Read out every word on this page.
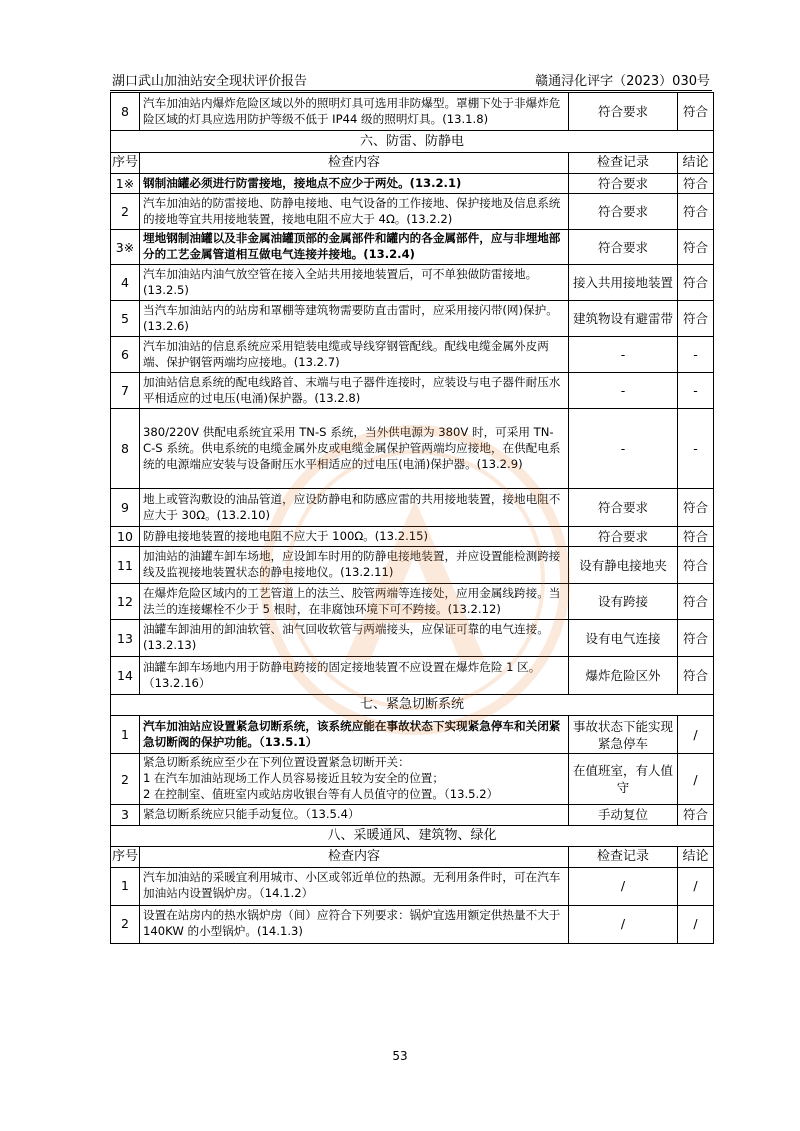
湖口武山加油站安全现状评价报告	赣通浔化评字（2023）030号
8	汽车加油站内爆炸危险区域以外的照明灯具可选用非防爆型。罩棚下处于非爆炸危险区域的灯具应选用防护等级不低于 IP44 级的照明灯具。(13.1.8)	符合要求	符合
六、防雷、防静电			
序号	检查内容	检查记录	结论
1※	钢制油罐必须进行防雷接地，接地点不应少于两处。(13.2.1)	符合要求	符合
2	汽车加油站的防雷接地、防静电接地、电气设备的工作接地、保护接地及信息系统的接地等宜共用接地装置，接地电阻不应大于 4Ω。(13.2.2)	符合要求	符合
3※	埋地钢制油罐以及非金属油罐顶部的金属部件和罐内的各金属部件，应与非埋地部分的工艺金属管道相互做电气连接并接地。(13.2.4)	符合要求	符合
4	汽车加油站内油气放空管在接入全站共用接地装置后，可不单独做防雷接地。(13.2.5)	接入共用接地装置	符合
5	当汽车加油站内的站房和罩棚等建筑物需要防直击雷时，应采用接闪带(网)保护。(13.2.6)	建筑物设有避雷带	符合
6	汽车加油站的信息系统应采用铠装电缆或导线穿钢管配线。配线电缆金属外皮两端、保护钢管两端均应接地。(13.2.7)	-	-
7	加油站信息系统的配电线路首、末端与电子器件连接时，应装设与电子器件耐压水平相适应的过电压(电涌)保护器。(13.2.8)	-	-
8	380/220V 供配电系统宜采用 TN-S 系统，当外供电源为 380V 时，可采用 TN-C-S 系统。供电系统的电缆金属外皮或电缆金属保护管两端均应接地，在供配电系统的电源端应安装与设备耐压水平相适应的过电压(电涌)保护器。(13.2.9)	-	-
9	地上或管沟敷设的油品管道，应设防静电和防感应雷的共用接地装置，接地电阻不应大于 30Ω。(13.2.10)	符合要求	符合
10	防静电接地装置的接地电阻不应大于 100Ω。(13.2.15)	符合要求	符合
11	加油站的油罐车卸车场地，应设卸车时用的防静电接地装置，并应设置能检测跨接线及监视接地装置状态的静电接地仪。(13.2.11)	设有静电接地夹	符合
12	在爆炸危险区域内的工艺管道上的法兰、胶管两端等连接处，应用金属线跨接。当法兰的连接螺栓不少于 5 根时，在非腐蚀环境下可不跨接。(13.2.12)	设有跨接	符合
13	油罐车卸油用的卸油软管、油气回收软管与两端接头，应保证可靠的电气连接。(13.2.13)	设有电气连接	符合
14	油罐车卸车场地内用于防静电跨接的固定接地装置不应设置在爆炸危险 1 区。（13.2.16）	爆炸危险区外	符合
七、紧急切断系统			
1	汽车加油站应设置紧急切断系统，该系统应能在事故状态下实现紧急停车和关闭紧急切断阀的保护功能。（13.5.1）	事故状态下能实现紧急停车	/
2	紧急切断系统应至少在下列位置设置紧急切断开关：
1 在汽车加油站现场工作人员容易接近且较为安全的位置；
2 在控制室、值班室内或站房收银台等有人员值守的位置。（13.5.2）	在值班室，有人值守	/
3	紧急切断系统应只能手动复位。（13.5.4）	手动复位	符合
八、采暖通风、建筑物、绿化			
序号	检查内容	检查记录	结论
1	汽车加油站的采暖宜利用城市、小区或邻近单位的热源。无利用条件时，可在汽车加油站内设置锅炉房。（14.1.2）	/	/
2	设置在站房内的热水锅炉房（间）应符合下列要求：锅炉宜选用额定供热量不大于 140KW 的小型锅炉。(14.1.3)	/	/
53
